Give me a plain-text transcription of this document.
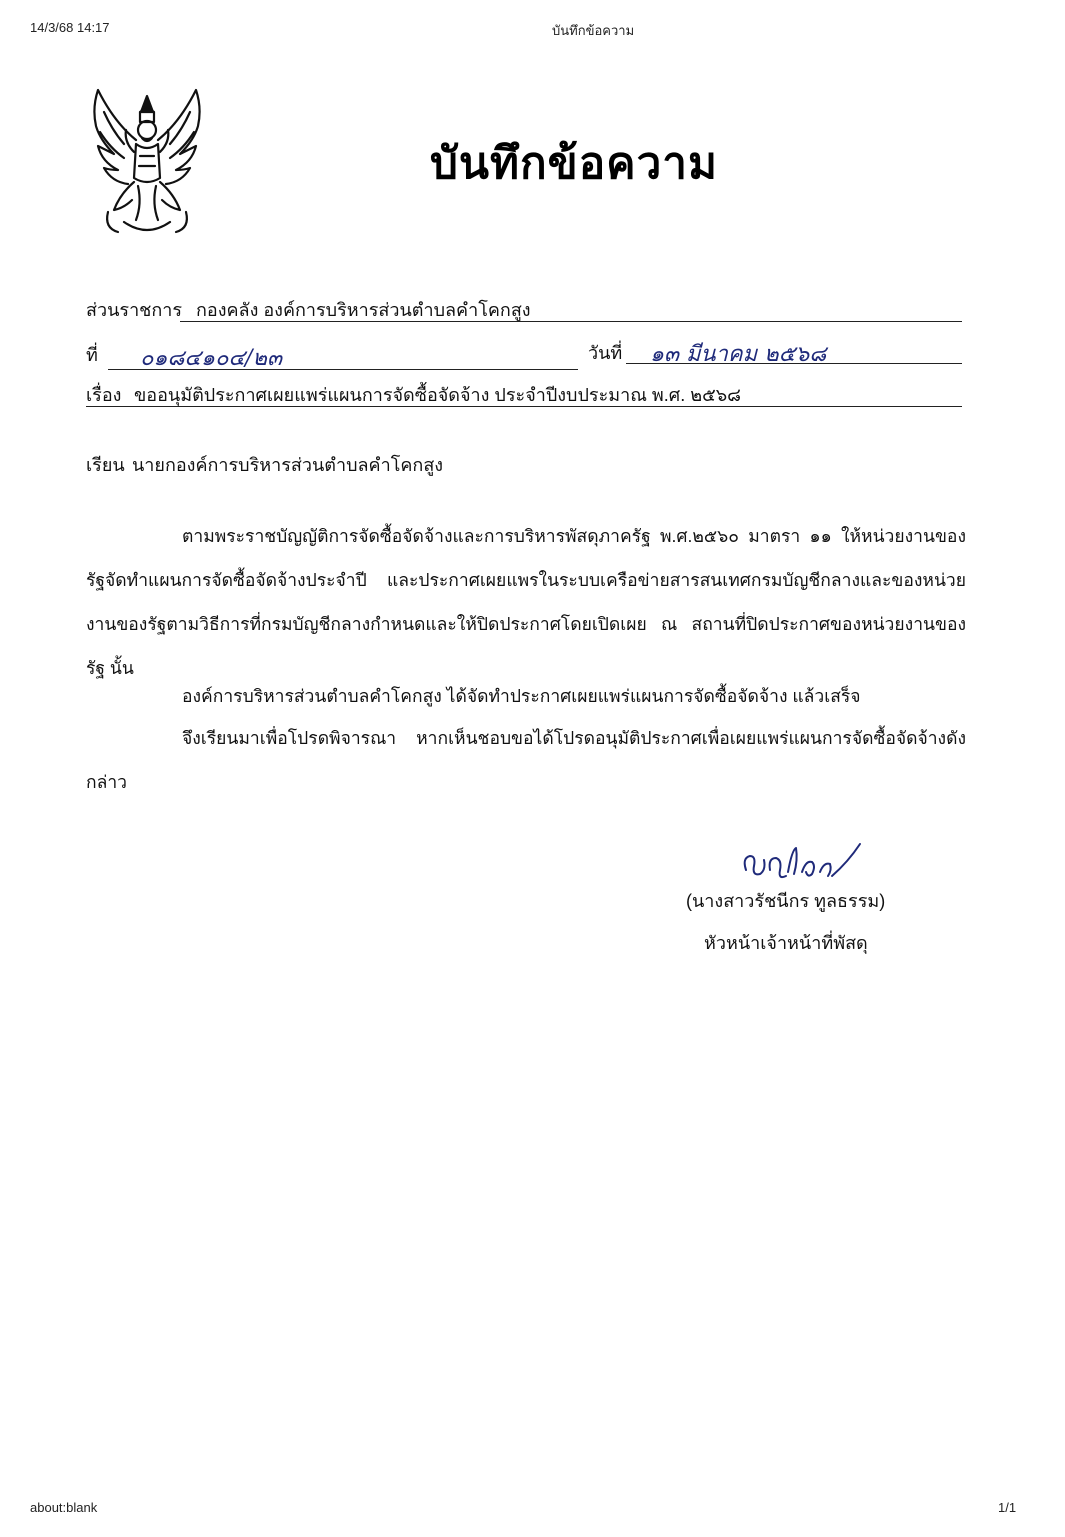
14/3/68 14:17	บันทึกข้อความ
about:blank	1/1
บันทึกข้อความ
ส่วนราชการ กองคลัง องค์การบริหารส่วนตำบลคำโคกสูง
ที่ ๐๑๘๔๑๐๔/๒๓	วันที่ ๑๓ มีนาคม ๒๕๖๘
เรื่อง ขออนุมัติประกาศเผยแพร่แผนการจัดซื้อจัดจ้าง ประจำปีงบประมาณ พ.ศ. ๒๕๖๘
เรียน นายกองค์การบริหารส่วนตำบลคำโคกสูง
ตามพระราชบัญญัติการจัดซื้อจัดจ้างและการบริหารพัสดุภาครัฐ พ.ศ.๒๕๖๐ มาตรา ๑๑ ให้หน่วยงานของรัฐจัดทำแผนการจัดซื้อจัดจ้างประจำปี และประกาศเผยแพรในระบบเครือข่ายสารสนเทศกรมบัญชีกลางและของหน่วยงานของรัฐตามวิธีการที่กรมบัญชีกลางกำหนดและให้ปิดประกาศโดยเปิดเผย ณ สถานที่ปิดประกาศของหน่วยงานของรัฐ นั้น
องค์การบริหารส่วนตำบลคำโคกสูง ได้จัดทำประกาศเผยแพร่แผนการจัดซื้อจัดจ้าง แล้วเสร็จ
จึงเรียนมาเพื่อโปรดพิจารณา หากเห็นชอบขอได้โปรดอนุมัติประกาศเพื่อเผยแพร่แผนการจัดซื้อจัดจ้างดังกล่าว
(นางสาวรัชนีกร ทูลธรรม)
หัวหน้าเจ้าหน้าที่พัสดุ
